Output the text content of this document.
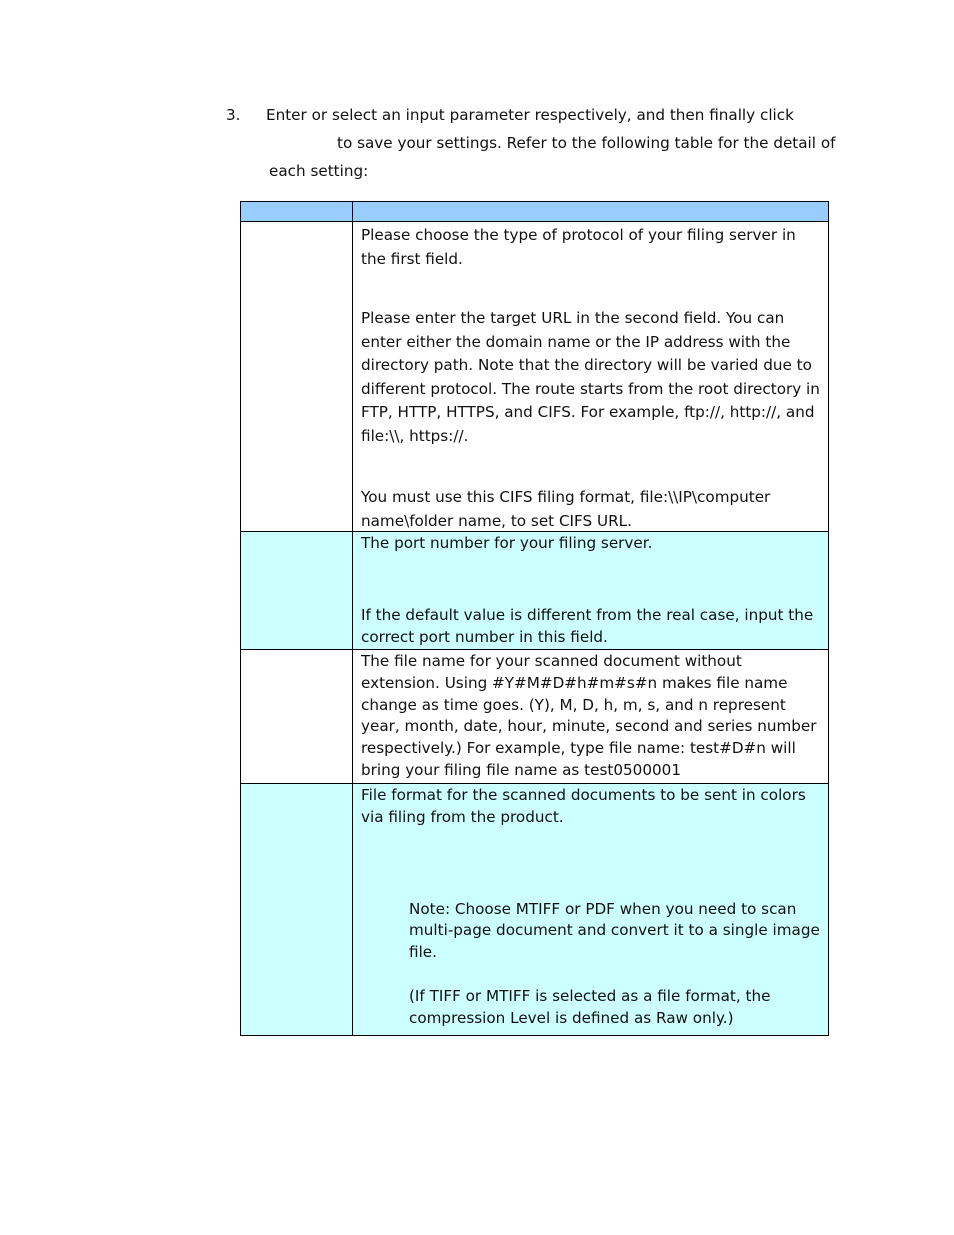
3. Enter or select an input parameter respectively, and then finally click
to save your settings. Refer to the following table for the detail of
each setting:

	Please choose the type of protocol of your filing server in the first field.

Please enter the target URL in the second field. You can enter either the domain name or the IP address with the directory path. Note that the directory will be varied due to different protocol. The route starts from the root directory in FTP, HTTP, HTTPS, and CIFS. For example, ftp://, http://, and file:\\, https://.

You must use this CIFS filing format, file:\\IP\computer name\folder name, to set CIFS URL.

	The port number for your filing server.

If the default value is different from the real case, input the correct port number in this field.

	The file name for your scanned document without extension. Using #Y#M#D#h#m#s#n makes file name change as time goes. (Y), M, D, h, m, s, and n represent year, month, date, hour, minute, second and series number respectively.) For example, type file name: test#D#n will bring your filing file name as test0500001

	File format for the scanned documents to be sent in colors via filing from the product.

Note: Choose MTIFF or PDF when you need to scan multi-page document and convert it to a single image file.

(If TIFF or MTIFF is selected as a file format, the compression Level is defined as Raw only.)
